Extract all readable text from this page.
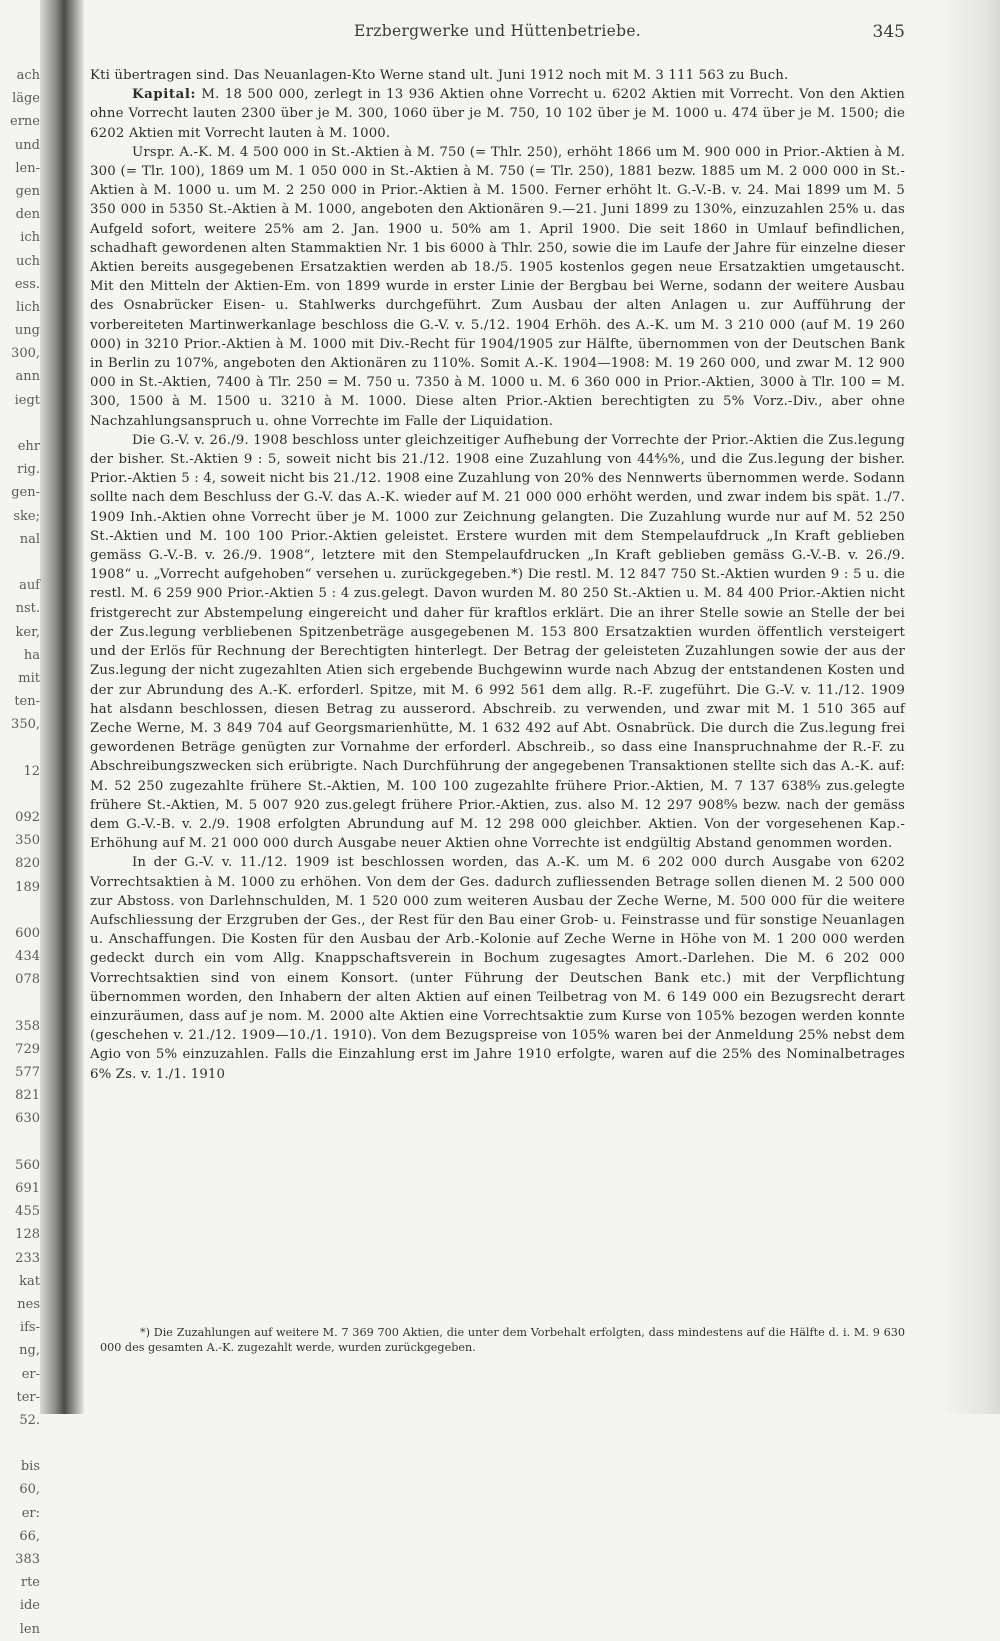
ach
läge
erne
und
len-
gen
den
ich
uch
ess.
lich
ung
300,
ann
iegt
ehr
rig.
gen-
ske;
nal
auf
nst.
ker,
ha
mit
ten-
350,
12
092
350
820
189
600
434
078
358
729
577
821
630
560
691
455
128
233
kat
nes
ifs-
ng,
er-
ter-
52.
bis
60,
er:
66,
383
rte
ide
len
Erzbergwerke und Hüttenbetriebe.	345

Kti übertragen sind. Das Neuanlagen-Kto Werne stand ult. Juni 1912 noch mit M. 3 111 563 zu Buch.

Kapital: M. 18 500 000, zerlegt in 13 936 Aktien ohne Vorrecht u. 6202 Aktien mit Vorrecht. Von den Aktien ohne Vorrecht lauten 2300 über je M. 300, 1060 über je M. 750, 10 102 über je M. 1000 u. 474 über je M. 1500; die 6202 Aktien mit Vorrecht lauten à M. 1000.

Urspr. A.-K. M. 4 500 000 in St.-Aktien à M. 750 (= Thlr. 250), erhöht 1866 um M. 900 000 in Prior.-Aktien à M. 300 (= Tlr. 100), 1869 um M. 1 050 000 in St.-Aktien à M. 750 (= Tlr. 250), 1881 bezw. 1885 um M. 2 000 000 in St.-Aktien à M. 1000 u. um M. 2 250 000 in Prior.-Aktien à M. 1500. Ferner erhöht lt. G.-V.-B. v. 24. Mai 1899 um M. 5 350 000 in 5350 St.-Aktien à M. 1000, angeboten den Aktionären 9.—21. Juni 1899 zu 130%, einzuzahlen 25% u. das Aufgeld sofort, weitere 25% am 2. Jan. 1900 u. 50% am 1. April 1900. Die seit 1860 in Umlauf befindlichen, schadhaft gewordenen alten Stammaktien Nr. 1 bis 6000 à Thlr. 250, sowie die im Laufe der Jahre für einzelne dieser Aktien bereits ausgegebenen Ersatzaktien werden ab 18./5. 1905 kostenlos gegen neue Ersatzaktien umgetauscht. Mit den Mitteln der Aktien-Em. von 1899 wurde in erster Linie der Bergbau bei Werne, sodann der weitere Ausbau des Osnabrücker Eisen- u. Stahlwerks durchgeführt. Zum Ausbau der alten Anlagen u. zur Aufführung der vorbereiteten Martinwerkanlage beschloss die G.-V. v. 5./12. 1904 Erhöh. des A.-K. um M. 3 210 000 (auf M. 19 260 000) in 3210 Prior.-Aktien à M. 1000 mit Div.-Recht für 1904/1905 zur Hälfte, übernommen von der Deutschen Bank in Berlin zu 107%, angeboten den Aktionären zu 110%. Somit A.-K. 1904—1908: M. 19 260 000, und zwar M. 12 900 000 in St.-Aktien, 7400 à Tlr. 250 = M. 750 u. 7350 à M. 1000 u. M. 6 360 000 in Prior.-Aktien, 3000 à Tlr. 100 = M. 300, 1500 à M. 1500 u. 3210 à M. 1000. Diese alten Prior.-Aktien berechtigten zu 5% Vorz.-Div., aber ohne Nachzahlungsanspruch u. ohne Vorrechte im Falle der Liquidation.

Die G.-V. v. 26./9. 1908 beschloss unter gleichzeitiger Aufhebung der Vorrechte der Prior.-Aktien die Zus.legung der bisher. St.-Aktien 9 : 5, soweit nicht bis 21./12. 1908 eine Zuzahlung von 44⁴⁄₉%, und die Zus.legung der bisher. Prior.-Aktien 5 : 4, soweit nicht bis 21./12. 1908 eine Zuzahlung von 20% des Nennwerts übernommen werde. Sodann sollte nach dem Beschluss der G.-V. das A.-K. wieder auf M. 21 000 000 erhöht werden, und zwar indem bis spät. 1./7. 1909 Inh.-Aktien ohne Vorrecht über je M. 1000 zur Zeichnung gelangten. Die Zuzahlung wurde nur auf M. 52 250 St.-Aktien und M. 100 100 Prior.-Aktien geleistet. Erstere wurden mit dem Stempelaufdruck „In Kraft geblieben gemäss G.-V.-B. v. 26./9. 1908“, letztere mit den Stempelaufdrucken „In Kraft geblieben gemäss G.-V.-B. v. 26./9. 1908“ u. „Vorrecht aufgehoben“ versehen u. zurückgegeben.*) Die restl. M. 12 847 750 St.-Aktien wurden 9 : 5 u. die restl. M. 6 259 900 Prior.-Aktien 5 : 4 zus.gelegt. Davon wurden M. 80 250 St.-Aktien u. M. 84 400 Prior.-Aktien nicht fristgerecht zur Abstempelung eingereicht und daher für kraftlos erklärt. Die an ihrer Stelle sowie an Stelle der bei der Zus.legung verbliebenen Spitzenbeträge ausgegebenen M. 153 800 Ersatzaktien wurden öffentlich versteigert und der Erlös für Rechnung der Berechtigten hinterlegt. Der Betrag der geleisteten Zuzahlungen sowie der aus der Zus.legung der nicht zugezahlten Atien sich ergebende Buchgewinn wurde nach Abzug der entstandenen Kosten und der zur Abrundung des A.-K. erforderl. Spitze, mit M. 6 992 561 dem allg. R.-F. zugeführt. Die G.-V. v. 11./12. 1909 hat alsdann beschlossen, diesen Betrag zu ausserord. Abschreib. zu verwenden, und zwar mit M. 1 510 365 auf Zeche Werne, M. 3 849 704 auf Georgsmarienhütte, M. 1 632 492 auf Abt. Osnabrück. Die durch die Zus.legung frei gewordenen Beträge genügten zur Vornahme der erforderl. Abschreib., so dass eine Inanspruchnahme der R.-F. zu Abschreibungszwecken sich erübrigte. Nach Durchführung der angegebenen Transaktionen stellte sich das A.-K. auf: M. 52 250 zugezahlte frühere St.-Aktien, M. 100 100 zugezahlte frühere Prior.-Aktien, M. 7 137 638⁸⁄₉ zus.gelegte frühere St.-Aktien, M. 5 007 920 zus.gelegt frühere Prior.-Aktien, zus. also M. 12 297 908⁸⁄₉ bezw. nach der gemäss dem G.-V.-B. v. 2./9. 1908 erfolgten Abrundung auf M. 12 298 000 gleichber. Aktien. Von der vorgesehenen Kap.-Erhöhung auf M. 21 000 000 durch Ausgabe neuer Aktien ohne Vorrechte ist endgültig Abstand genommen worden.

In der G.-V. v. 11./12. 1909 ist beschlossen worden, das A.-K. um M. 6 202 000 durch Ausgabe von 6202 Vorrechtsaktien à M. 1000 zu erhöhen. Von dem der Ges. dadurch zufliessenden Betrage sollen dienen M. 2 500 000 zur Abstoss. von Darlehnschulden, M. 1 520 000 zum weiteren Ausbau der Zeche Werne, M. 500 000 für die weitere Aufschliessung der Erzgruben der Ges., der Rest für den Bau einer Grob- u. Feinstrasse und für sonstige Neuanlagen u. Anschaffungen. Die Kosten für den Ausbau der Arb.-Kolonie auf Zeche Werne in Höhe von M. 1 200 000 werden gedeckt durch ein vom Allg. Knappschaftsverein in Bochum zugesagtes Amort.-Darlehen. Die M. 6 202 000 Vorrechtsaktien sind von einem Konsort. (unter Führung der Deutschen Bank etc.) mit der Verpflichtung übernommen worden, den Inhabern der alten Aktien auf einen Teilbetrag von M. 6 149 000 ein Bezugsrecht derart einzuräumen, dass auf je nom. M. 2000 alte Aktien eine Vorrechtsaktie zum Kurse von 105% bezogen werden konnte (geschehen v. 21./12. 1909—10./1. 1910). Von dem Bezugspreise von 105% waren bei der Anmeldung 25% nebst dem Agio von 5% einzuzahlen. Falls die Einzahlung erst im Jahre 1910 erfolgte, waren auf die 25% des Nominalbetrages 6% Zs. v. 1./1. 1910

*) Die Zuzahlungen auf weitere M. 7 369 700 Aktien, die unter dem Vorbehalt erfolgten, dass mindestens auf die Hälfte d. i. M. 9 630 000 des gesamten A.-K. zugezahlt werde, wurden zurückgegeben.
